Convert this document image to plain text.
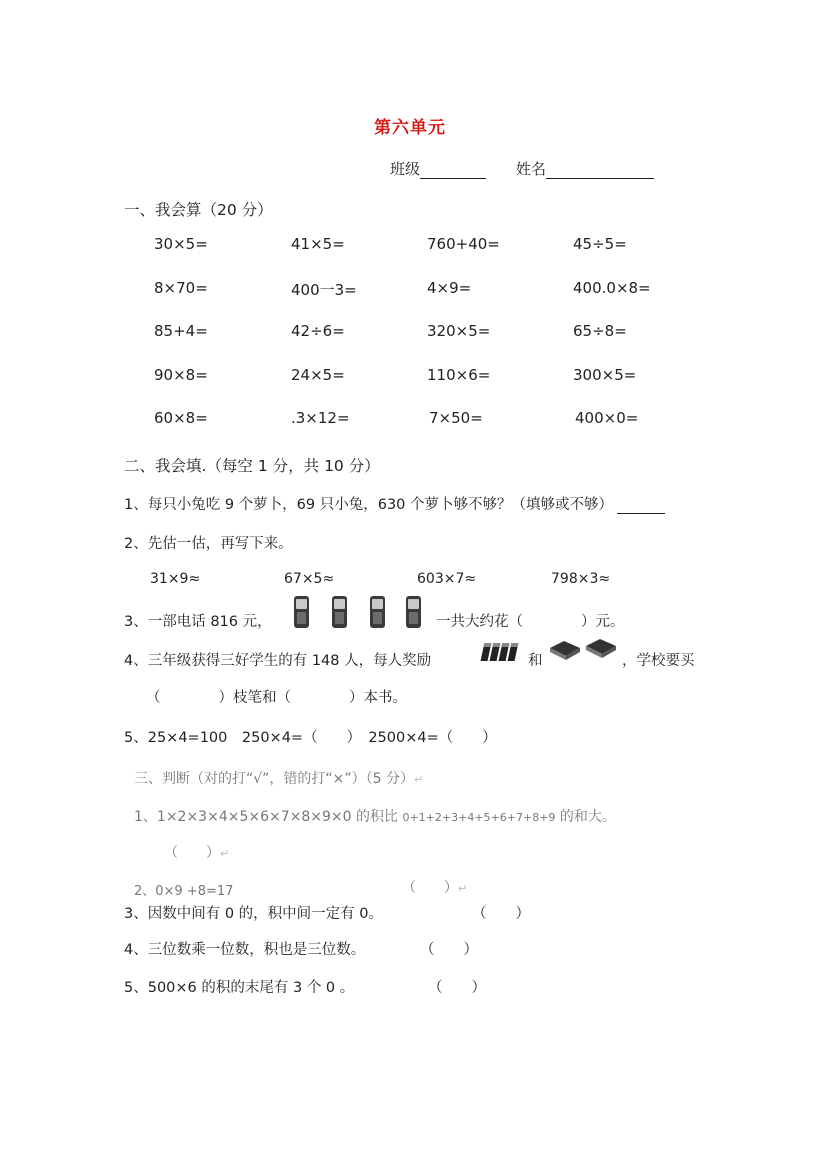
第六单元
班级	姓名
一、我会算（20 分）
30×5=	41×5=	760+40=	45÷5=
8×70=	400一3=	4×9=	400.0×8=
85+4=	42÷6=	320×5=	65÷8=
90×8=	24×5=	110×6=	300×5=
60×8=	.3×12=	7×50=	400×0=
二、我会填.（每空 1 分，共 10 分）
1、每只小兔吃 9 个萝卜，69 只小兔，630 个萝卜够不够？（填够或不够）
2、先估一估，再写下来。
31×9≈	67×5≈	603×7≈	798×3≈
3、一部电话 816 元，	一共大约花（　　　　）元。
4、三年级获得三好学生的有 148 人，每人奖励	和	，学校要买
（　　　　）枝笔和（　　　　）本书。
5、25×4=100　250×4=（　　）　2500×4=（　　）
三、判断（对的打“√”，错的打“×”）（5 分）↵
1、1×2×3×4×5×6×7×8×9×0 的积比 0+1+2+3+4+5+6+7+8+9 的和大。
（　　）↵
2、0×9 +8=17	（　　）↵
3、因数中间有 0 的，积中间一定有 0。	（　　）
4、三位数乘一位数，积也是三位数。	（　　）
5、500×6 的积的末尾有 3 个 0 。	（　　）
